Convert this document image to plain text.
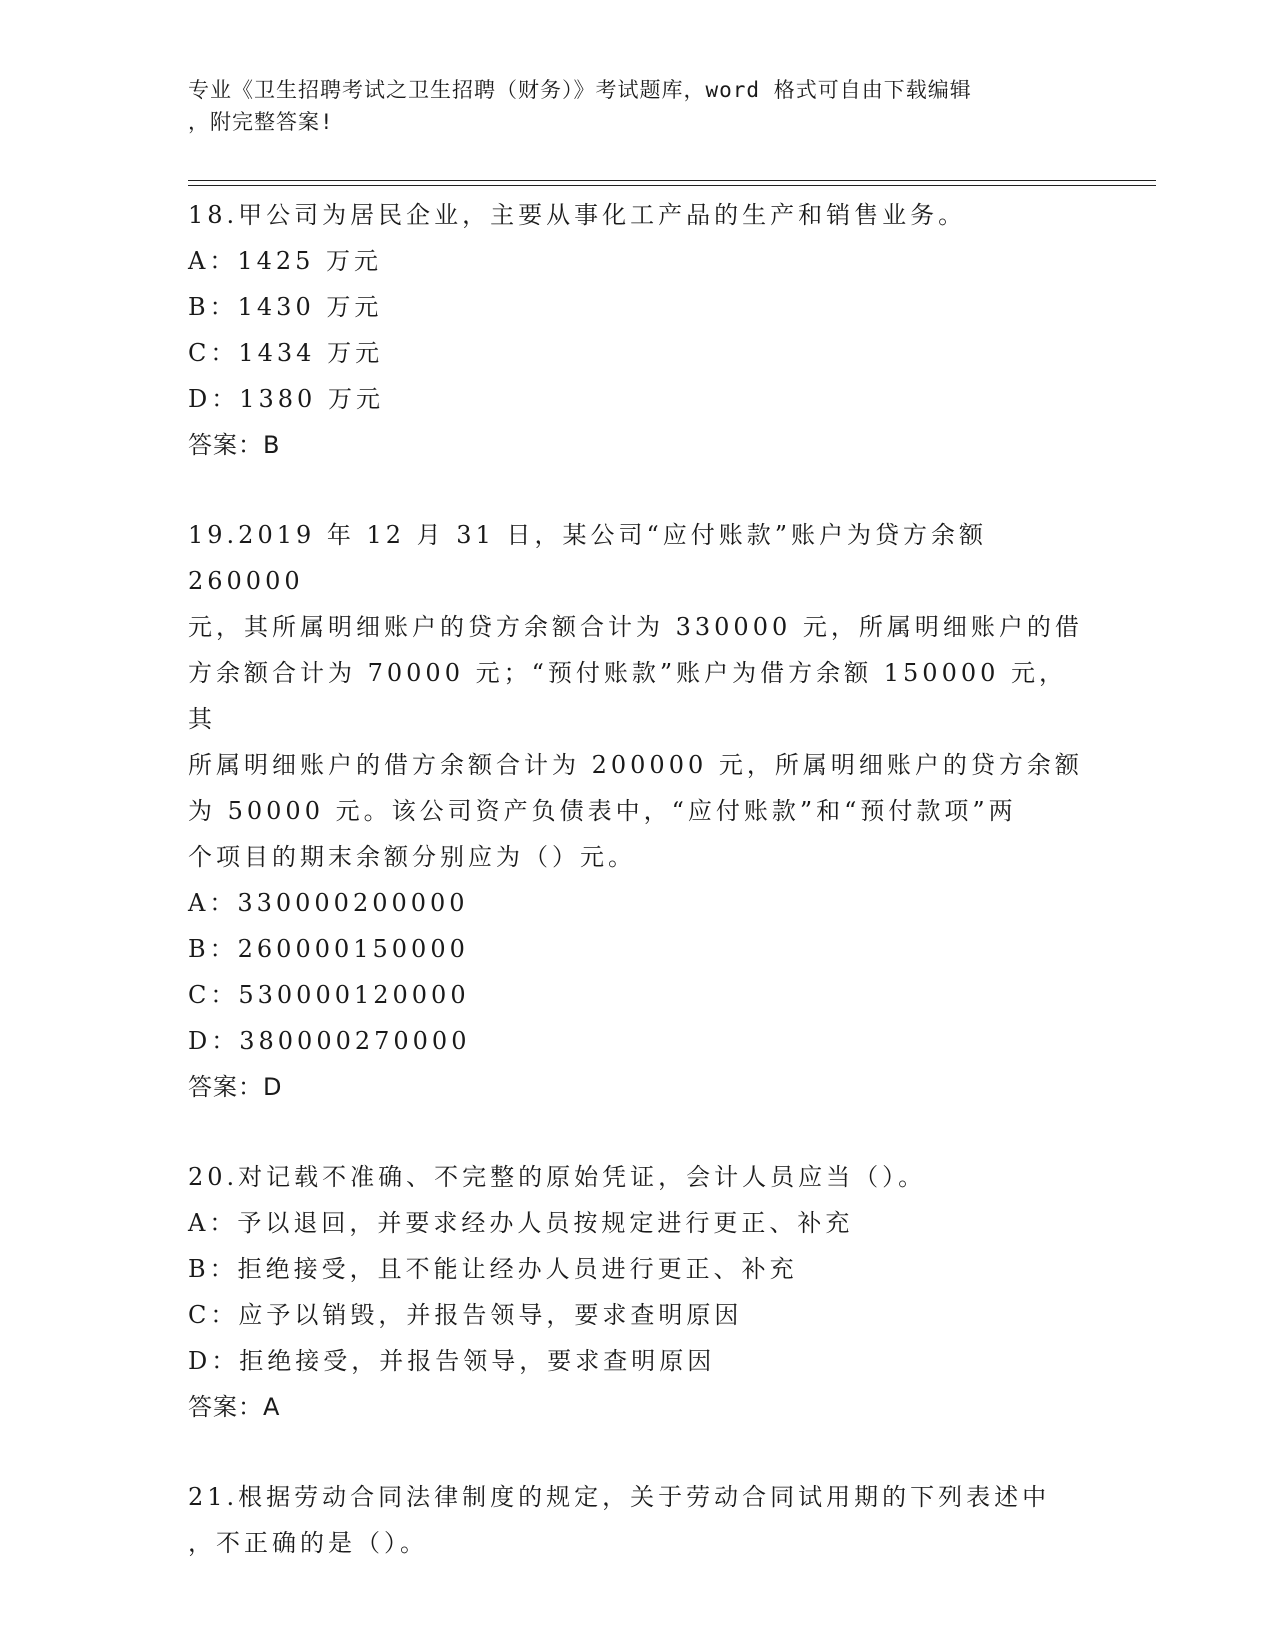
专业《卫生招聘考试之卫生招聘（财务）》考试题库，word 格式可自由下载编辑
，附完整答案!

18.甲公司为居民企业，主要从事化工产品的生产和销售业务。

A：1425 万元

B：1430 万元

C：1434 万元

D：1380 万元

答案：B

19.2019 年 12 月 31 日，某公司“应付账款”账户为贷方余额 260000

元，其所属明细账户的贷方余额合计为 330000 元，所属明细账户的借

方余额合计为 70000 元；“预付账款”账户为借方余额 150000 元，其

所属明细账户的借方余额合计为 200000 元，所属明细账户的贷方余额

为 50000 元。该公司资产负债表中，“应付账款”和“预付款项”两

个项目的期末余额分别应为（）元。

A：330000200000

B：260000150000

C：530000120000

D：380000270000

答案：D

20.对记载不准确、不完整的原始凭证，会计人员应当（）。

A：予以退回，并要求经办人员按规定进行更正、补充

B：拒绝接受，且不能让经办人员进行更正、补充

C：应予以销毁，并报告领导，要求查明原因

D：拒绝接受，并报告领导，要求查明原因

答案：A

21.根据劳动合同法律制度的规定，关于劳动合同试用期的下列表述中

，不正确的是（）。
